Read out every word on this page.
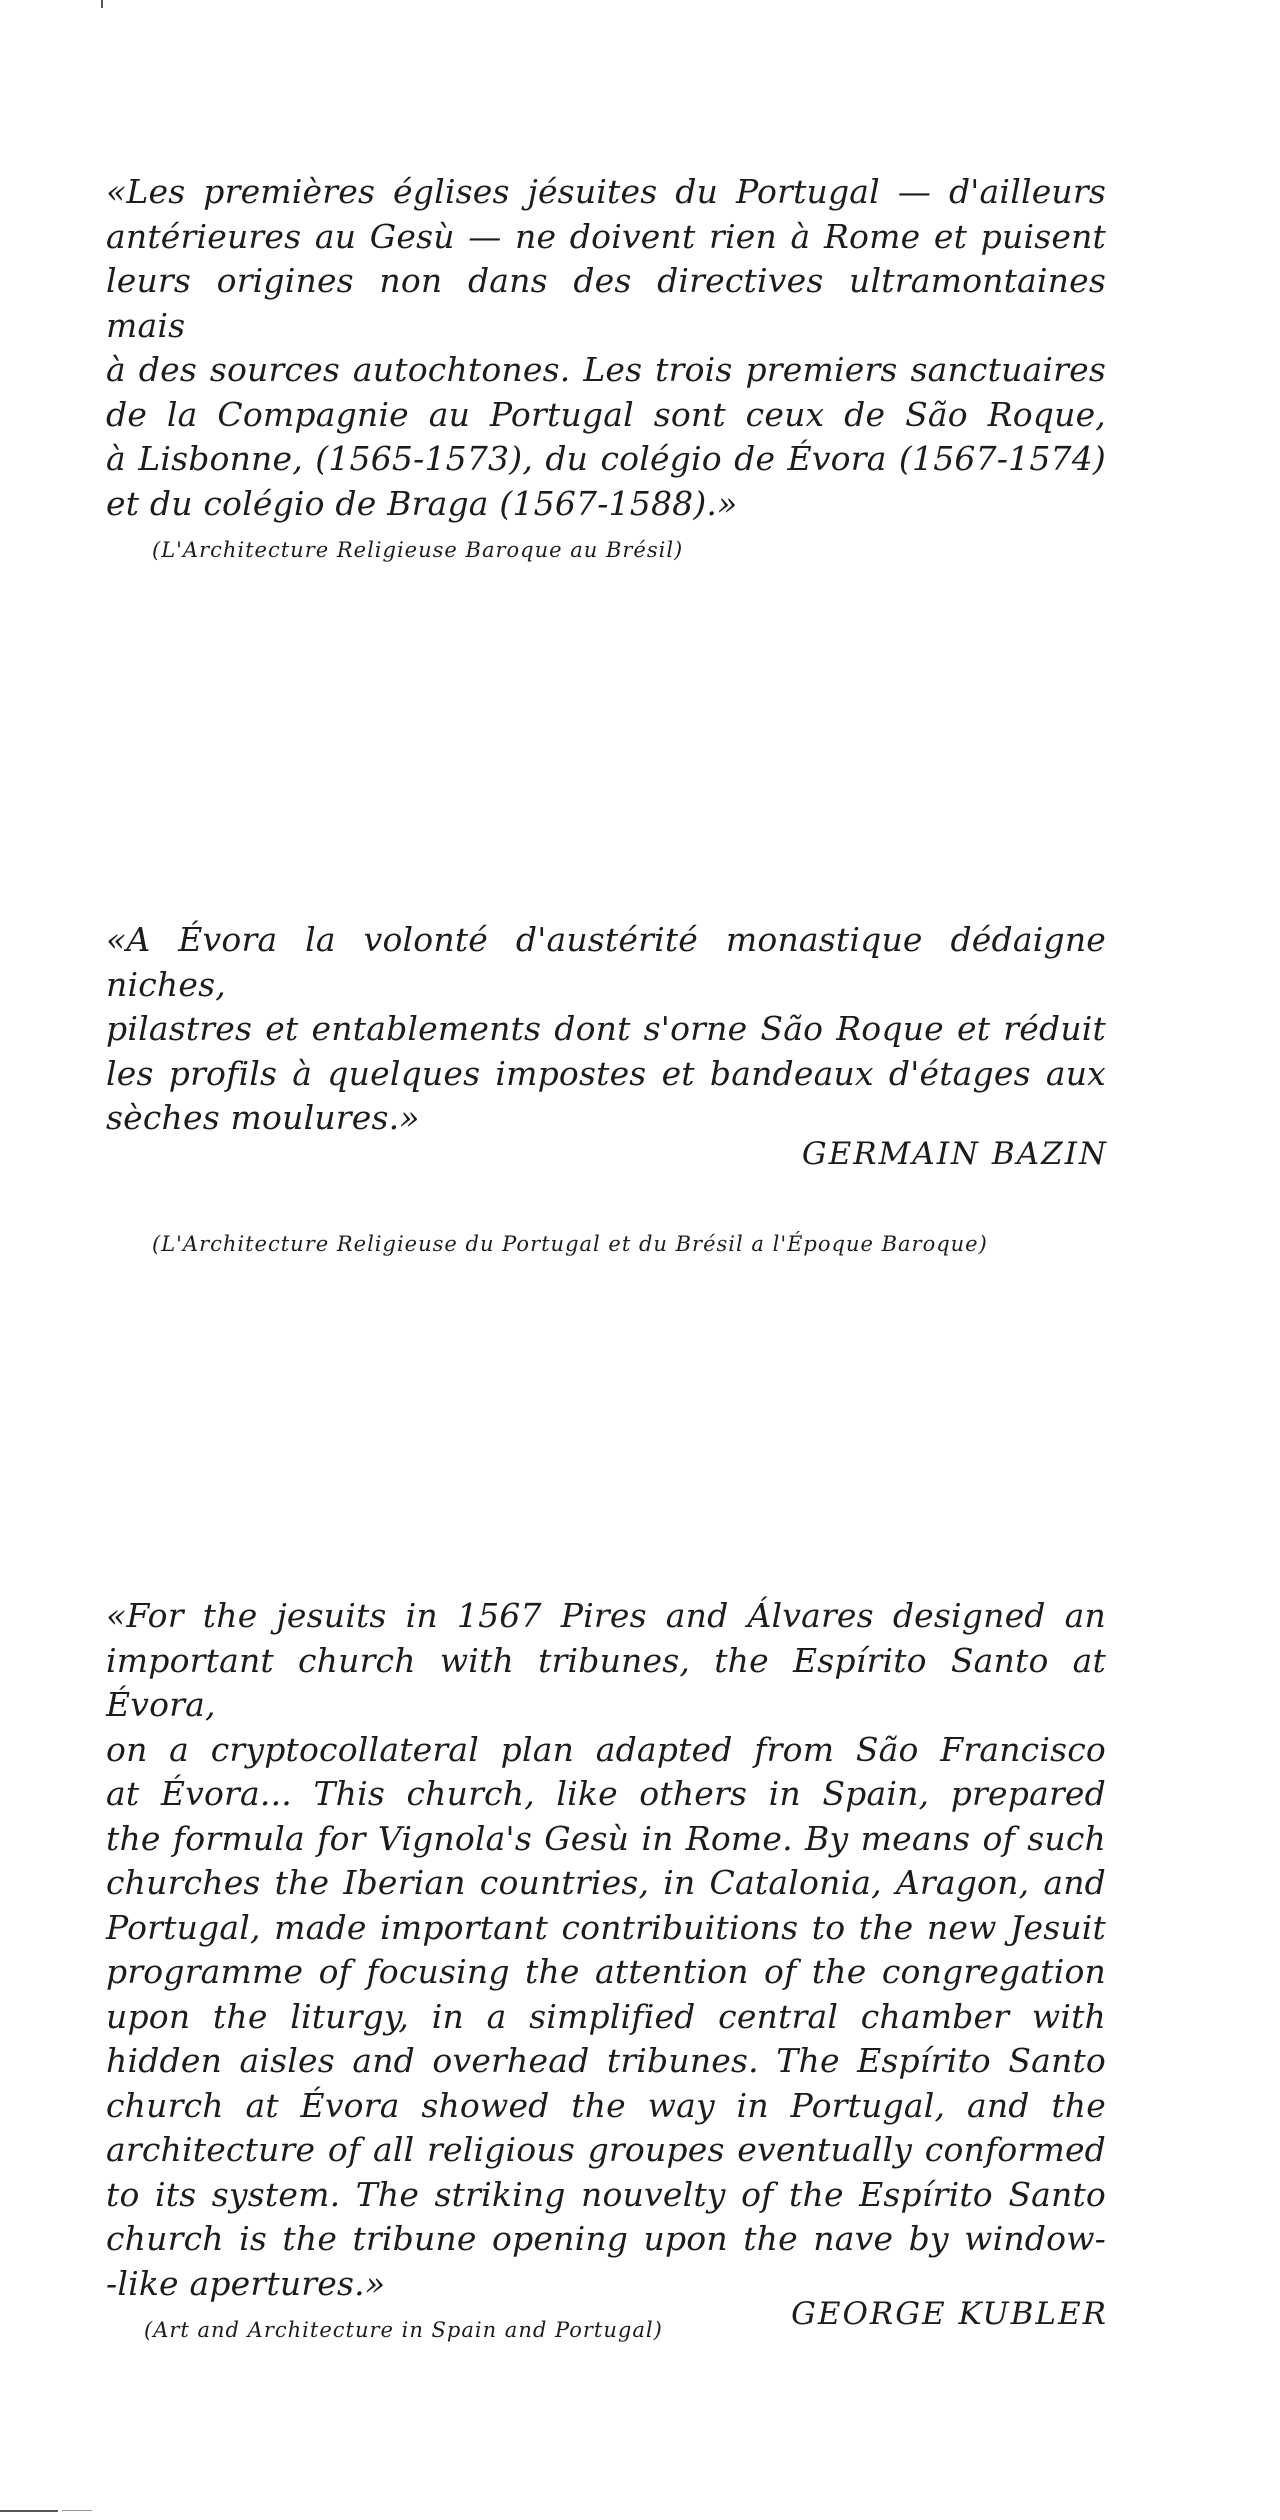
«Les premières églises jésuites du Portugal — d'ailleurs
antérieures au Gesù — ne doivent rien à Rome et puisent
leurs origines non dans des directives ultramontaines mais
à des sources autochtones. Les trois premiers sanctuaires
de la Compagnie au Portugal sont ceux de São Roque,
à Lisbonne, (1565-1573), du colégio de Évora (1567-1574)
et du colégio de Braga (1567-1588).»

(L'Architecture Religieuse Baroque au Brésil)

«A Évora la volonté d'austérité monastique dédaigne niches,
pilastres et entablements dont s'orne São Roque et réduit
les profils à quelques impostes et bandeaux d'étages aux
sèches moulures.»

GERMAIN BAZIN
(L'Architecture Religieuse du Portugal et du Brésil a l'Époque Baroque)

«For the jesuits in 1567 Pires and Álvares designed an
important church with tribunes, the Espírito Santo at Évora,
on a cryptocollateral plan adapted from São Francisco
at Évora... This church, like others in Spain, prepared
the formula for Vignola's Gesù in Rome. By means of such
churches the Iberian countries, in Catalonia, Aragon, and
Portugal, made important contribuitions to the new Jesuit
programme of focusing the attention of the congregation
upon the liturgy, in a simplified central chamber with
hidden aisles and overhead tribunes. The Espírito Santo
church at Évora showed the way in Portugal, and the
architecture of all religious groupes eventually conformed
to its system. The striking nouvelty of the Espírito Santo
church is the tribune opening upon the nave by window-
-like apertures.»

GEORGE KUBLER
(Art and Architecture in Spain and Portugal)
